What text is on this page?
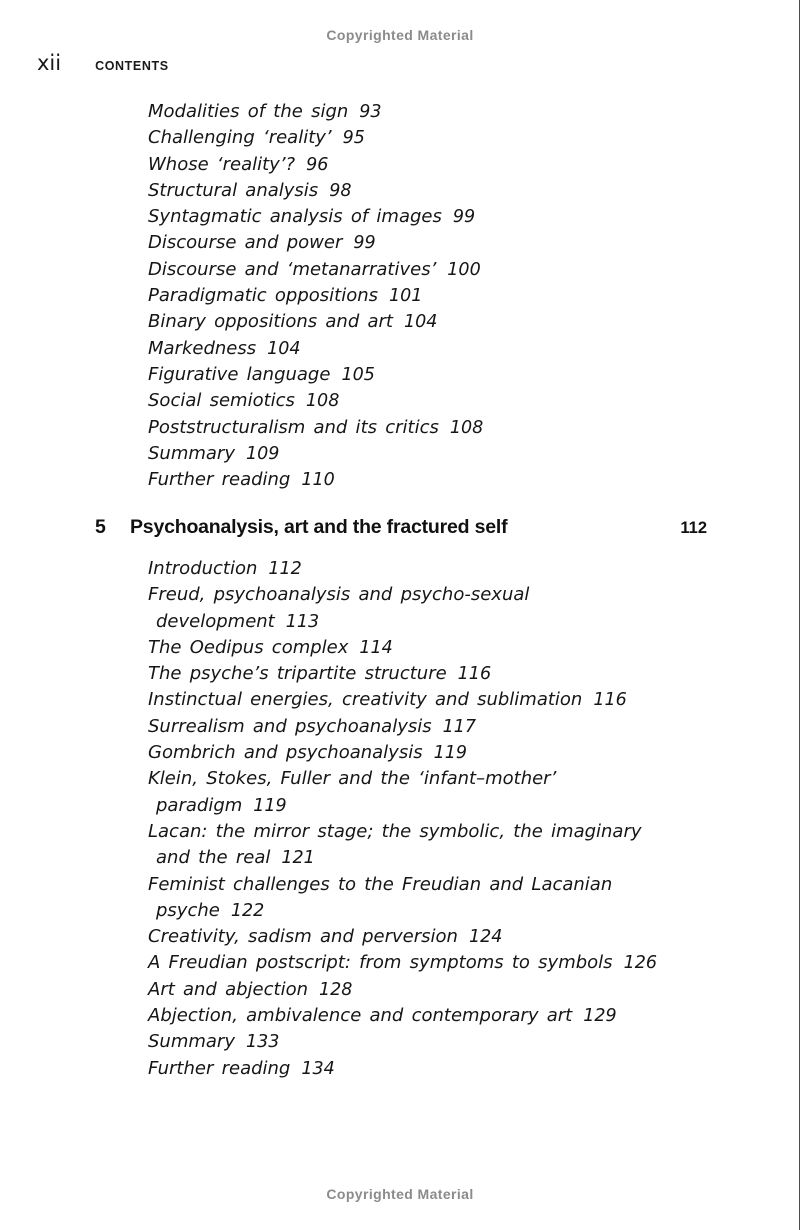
Copyrighted Material
xii	CONTENTS
Modalities of the sign 93
Challenging ‘reality’ 95
Whose ‘reality’? 96
Structural analysis 98
Syntagmatic analysis of images 99
Discourse and power 99
Discourse and ‘metanarratives’ 100
Paradigmatic oppositions 101
Binary oppositions and art 104
Markedness 104
Figurative language 105
Social semiotics 108
Poststructuralism and its critics 108
Summary 109
Further reading 110
5	Psychoanalysis, art and the fractured self	112
Introduction 112
Freud, psychoanalysis and psycho-sexual
development 113
The Oedipus complex 114
The psyche’s tripartite structure 116
Instinctual energies, creativity and sublimation 116
Surrealism and psychoanalysis 117
Gombrich and psychoanalysis 119
Klein, Stokes, Fuller and the ‘infant–mother’
paradigm 119
Lacan: the mirror stage; the symbolic, the imaginary
and the real 121
Feminist challenges to the Freudian and Lacanian
psyche 122
Creativity, sadism and perversion 124
A Freudian postscript: from symptoms to symbols 126
Art and abjection 128
Abjection, ambivalence and contemporary art 129
Summary 133
Further reading 134
Copyrighted Material
